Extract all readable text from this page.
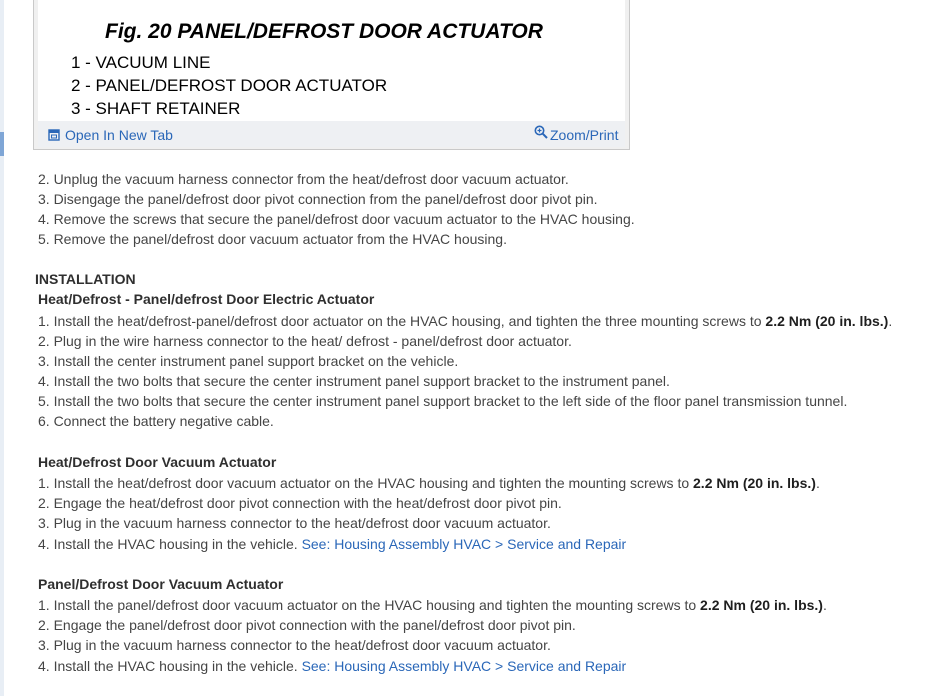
Fig. 20 PANEL/DEFROST DOOR ACTUATOR
1 - VACUUM LINE
2 - PANEL/DEFROST DOOR ACTUATOR
3 - SHAFT RETAINER
Open In New Tab	Zoom/Print
2. Unplug the vacuum harness connector from the heat/defrost door vacuum actuator.
3. Disengage the panel/defrost door pivot connection from the panel/defrost door pivot pin.
4. Remove the screws that secure the panel/defrost door vacuum actuator to the HVAC housing.
5. Remove the panel/defrost door vacuum actuator from the HVAC housing.
INSTALLATION
Heat/Defrost - Panel/defrost Door Electric Actuator
1. Install the heat/defrost-panel/defrost door actuator on the HVAC housing, and tighten the three mounting screws to 2.2 Nm (20 in. lbs.).
2. Plug in the wire harness connector to the heat/ defrost - panel/defrost door actuator.
3. Install the center instrument panel support bracket on the vehicle.
4. Install the two bolts that secure the center instrument panel support bracket to the instrument panel.
5. Install the two bolts that secure the center instrument panel support bracket to the left side of the floor panel transmission tunnel.
6. Connect the battery negative cable.
Heat/Defrost Door Vacuum Actuator
1. Install the heat/defrost door vacuum actuator on the HVAC housing and tighten the mounting screws to 2.2 Nm (20 in. lbs.).
2. Engage the heat/defrost door pivot connection with the heat/defrost door pivot pin.
3. Plug in the vacuum harness connector to the heat/defrost door vacuum actuator.
4. Install the HVAC housing in the vehicle. See: Housing Assembly HVAC > Service and Repair
Panel/Defrost Door Vacuum Actuator
1. Install the panel/defrost door vacuum actuator on the HVAC housing and tighten the mounting screws to 2.2 Nm (20 in. lbs.).
2. Engage the panel/defrost door pivot connection with the panel/defrost door pivot pin.
3. Plug in the vacuum harness connector to the heat/defrost door vacuum actuator.
4. Install the HVAC housing in the vehicle. See: Housing Assembly HVAC > Service and Repair
